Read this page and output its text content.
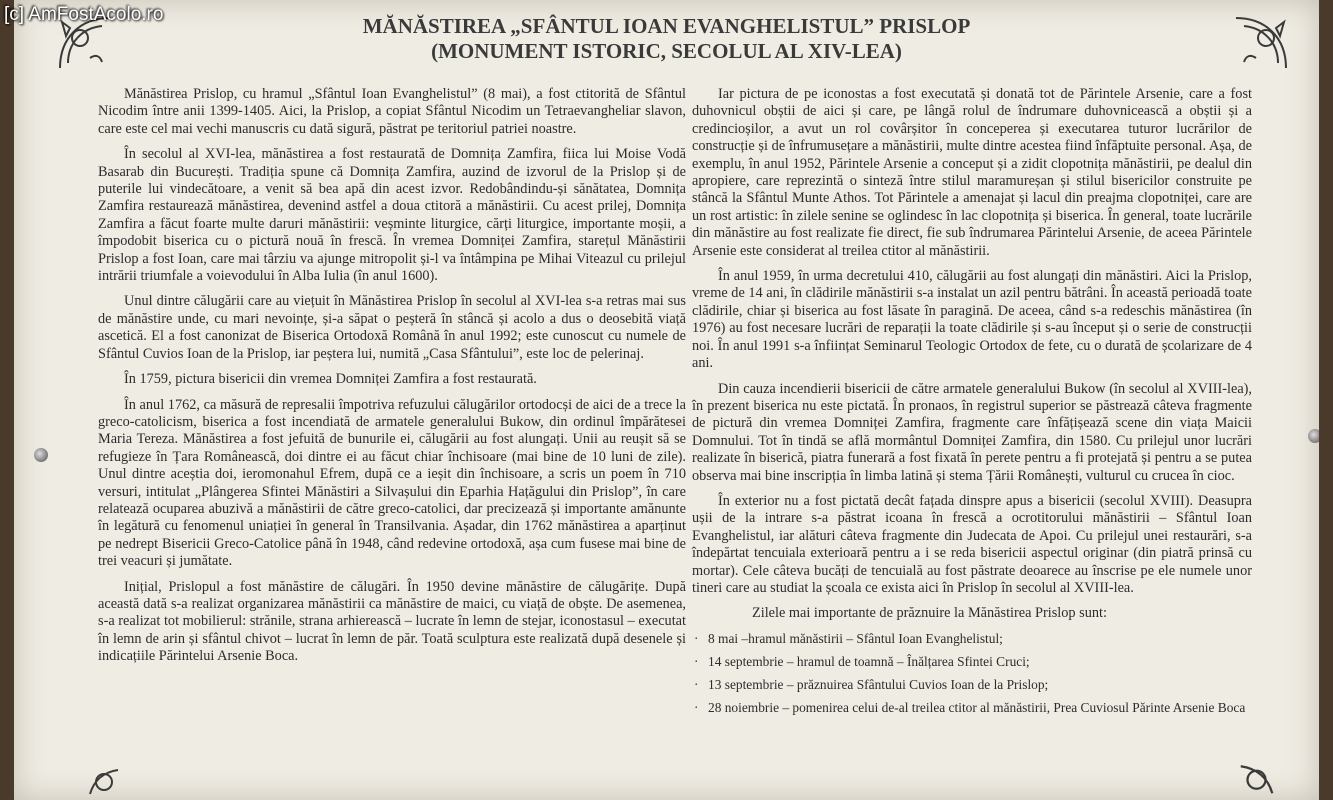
MĂNĂSTIREA „SFÂNTUL IOAN EVANGHELISTUL” PRISLOP
(MONUMENT ISTORIC, SECOLUL AL XIV-LEA)

Mănăstirea Prislop, cu hramul „Sfântul Ioan Evanghelistul” (8 mai), a fost ctitorită de Sfântul Nicodim între anii 1399-1405. Aici, la Prislop, a copiat Sfântul Nicodim un Tetraevangheliar slavon, care este cel mai vechi manuscris cu dată sigură, păstrat pe teritoriul patriei noastre.

În secolul al XVI-lea, mănăstirea a fost restaurată de Domnița Zamfira, fiica lui Moise Vodă Basarab din București. Tradiția spune că Domnița Zamfira, auzind de izvorul de la Prislop și de puterile lui vindecătoare, a venit să bea apă din acest izvor. Redobândindu-și sănătatea, Domnița Zamfira restaurează mănăstirea, devenind astfel a doua ctitoră a mănăstirii. Cu acest prilej, Domnița Zamfira a făcut foarte multe daruri mănăstirii: veșminte liturgice, cărți liturgice, importante moșii, a împodobit biserica cu o pictură nouă în frescă. În vremea Domniței Zamfira, starețul Mănăstirii Prislop a fost Ioan, care mai târziu va ajunge mitropolit și-l va întâmpina pe Mihai Viteazul cu prilejul intrării triumfale a voievodului în Alba Iulia (în anul 1600).

Unul dintre călugării care au viețuit în Mănăstirea Prislop în secolul al XVI-lea s-a retras mai sus de mănăstire unde, cu mari nevoințe, și-a săpat o peșteră în stâncă și acolo a dus o deosebită viață ascetică. El a fost canonizat de Biserica Ortodoxă Română în anul 1992; este cunoscut cu numele de Sfântul Cuvios Ioan de la Prislop, iar peștera lui, numită „Casa Sfântului”, este loc de pelerinaj.

În 1759, pictura bisericii din vremea Domniței Zamfira a fost restaurată.

În anul 1762, ca măsură de represalii împotriva refuzului călugărilor ortodocși de aici de a trece la greco-catolicism, biserica a fost incendiată de armatele generalului Bukow, din ordinul împărătesei Maria Tereza. Mănăstirea a fost jefuită de bunurile ei, călugării au fost alungați. Unii au reușit să se refugieze în Țara Românească, doi dintre ei au făcut chiar închisoare (mai bine de 10 luni de zile). Unul dintre aceștia doi, ieromonahul Efrem, după ce a ieșit din închisoare, a scris un poem în 710 versuri, intitulat „Plângerea Sfintei Mănăstiri a Silvașului din Eparhia Hațăgului din Prislop”, în care relatează ocuparea abuzivă a mănăstirii de către greco-catolici, dar precizează și importante amănunte în legătură cu fenomenul uniației în general în Transilvania. Așadar, din 1762 mănăstirea a aparținut pe nedrept Bisericii Greco-Catolice până în 1948, când redevine ortodoxă, așa cum fusese mai bine de trei veacuri și jumătate.

Inițial, Prislopul a fost mănăstire de călugări. În 1950 devine mănăstire de călugărițe. După această dată s-a realizat organizarea mănăstirii ca mănăstire de maici, cu viață de obște. De asemenea, s-a realizat tot mobilierul: strănile, strana arhierească – lucrate în lemn de stejar, iconostasul – executat în lemn de arin și sfântul chivot – lucrat în lemn de păr. Toată sculptura este realizată după desenele și indicațiile Părintelui Arsenie Boca.

Iar pictura de pe iconostas a fost executată și donată tot de Părintele Arsenie, care a fost duhovnicul obștii de aici și care, pe lângă rolul de îndrumare duhovnicească a obștii și a credincioșilor, a avut un rol covârșitor în conceperea și executarea tuturor lucrărilor de construcție și de înfrumusețare a mănăstirii, multe dintre acestea fiind înfăptuite personal. Așa, de exemplu, în anul 1952, Părintele Arsenie a conceput și a zidit clopotnița mănăstirii, pe dealul din apropiere, care reprezintă o sinteză între stilul maramureșan și stilul bisericilor construite pe stâncă la Sfântul Munte Athos. Tot Părintele a amenajat și lacul din preajma clopotniței, care are un rost artistic: în zilele senine se oglindesc în lac clopotnița și biserica. În general, toate lucrările din mănăstire au fost realizate fie direct, fie sub îndrumarea Părintelui Arsenie, de aceea Părintele Arsenie este considerat al treilea ctitor al mănăstirii.

În anul 1959, în urma decretului 410, călugării au fost alungați din mănăstiri. Aici la Prislop, vreme de 14 ani, în clădirile mănăstirii s-a instalat un azil pentru bătrâni. În această perioadă toate clădirile, chiar și biserica au fost lăsate în paragină. De aceea, când s-a redeschis mănăstirea (în 1976) au fost necesare lucrări de reparații la toate clădirile și s-au început și o serie de construcții noi. În anul 1991 s-a înființat Seminarul Teologic Ortodox de fete, cu o durată de școlarizare de 4 ani.

Din cauza incendierii bisericii de către armatele generalului Bukow (în secolul al XVIII-lea), în prezent biserica nu este pictată. În pronaos, în registrul superior se păstrează câteva fragmente de pictură din vremea Domniței Zamfira, fragmente care înfățișează scene din viața Maicii Domnului. Tot în tindă se află mormântul Domniței Zamfira, din 1580. Cu prilejul unor lucrări realizate în biserică, piatra funerară a fost fixată în perete pentru a fi protejată și pentru a se putea observa mai bine inscripția în limba latină și stema Țării Românești, vulturul cu crucea în cioc.

În exterior nu a fost pictată decât fațada dinspre apus a bisericii (secolul XVIII). Deasupra ușii de la intrare s-a păstrat icoana în frescă a ocrotitorului mănăstirii – Sfântul Ioan Evanghelistul, iar alături câteva fragmente din Judecata de Apoi. Cu prilejul unei restaurări, s-a îndepărtat tencuiala exterioară pentru a i se reda bisericii aspectul originar (din piatră prinsă cu mortar). Cele câteva bucăți de tencuială au fost păstrate deoarece au înscrise pe ele numele unor tineri care au studiat la școala ce exista aici în Prislop în secolul al XVIII-lea.

Zilele mai importante de prăznuire la Mănăstirea Prislop sunt:

· 8 mai –hramul mănăstirii – Sfântul Ioan Evanghelistul;
· 14 septembrie – hramul de toamnă – Înălțarea Sfintei Cruci;
· 13 septembrie – prăznuirea Sfântului Cuvios Ioan de la Prislop;
· 28 noiembrie – pomenirea celui de-al treilea ctitor al mănăstirii, Prea Cuviosul Părinte Arsenie Boca
[c] AmFostAcolo.ro
